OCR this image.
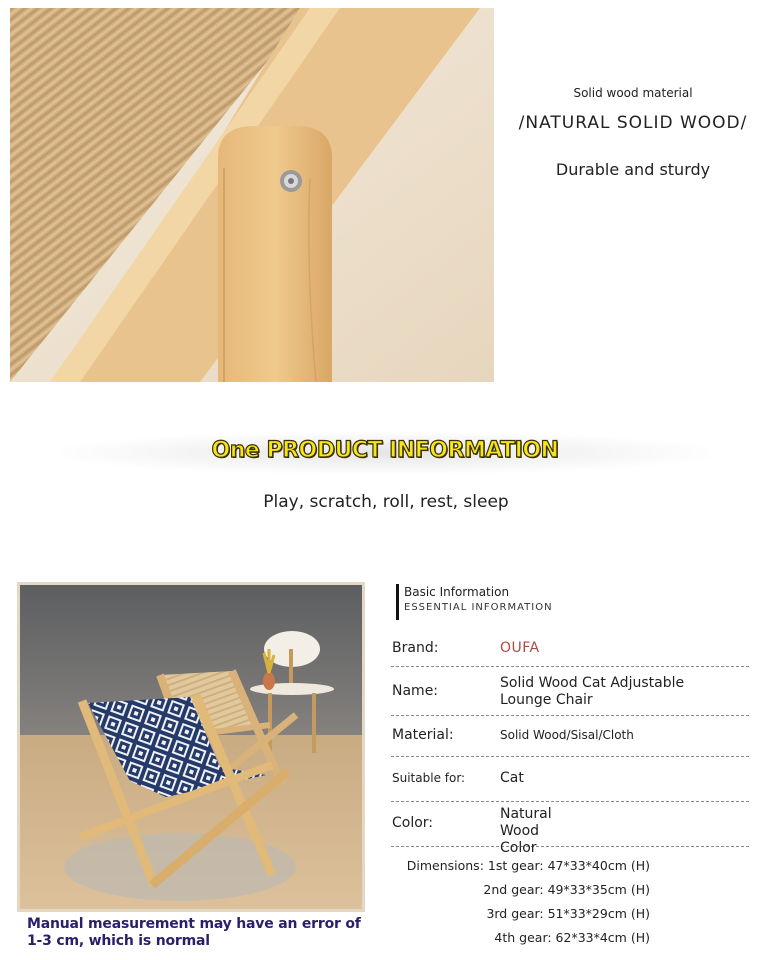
Solid wood material
/NATURAL SOLID WOOD/
Durable and sturdy
One PRODUCT INFORMATION
Play, scratch, roll, rest, sleep
Manual measurement may have an error of 1-3 cm, which is normal
Basic Information
ESSENTIAL INFORMATION
Brand:	OUFA
Name:	Solid Wood Cat Adjustable Lounge Chair
Material:	Solid Wood/Sisal/Cloth
Suitable for: Cat
Color:
Natural Wood Color
Dimensions: 1st gear: 47*33*40cm (H)
2nd gear: 49*33*35cm (H)
3rd gear: 51*33*29cm (H)
4th gear: 62*33*4cm (H)
